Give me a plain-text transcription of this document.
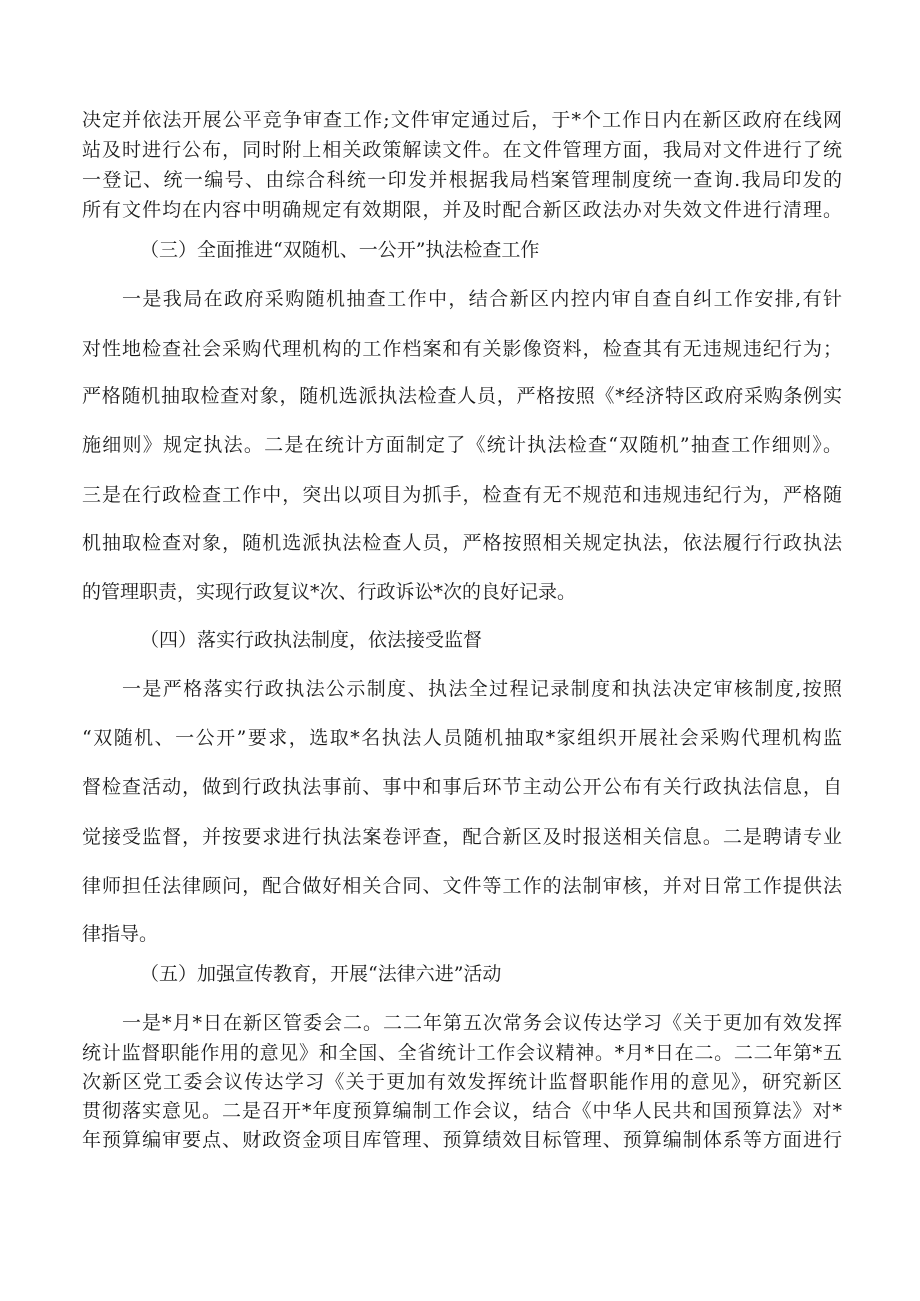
决定并依法开展公平竞争审查工作;文件审定通过后，于*个工作日内在新区政府在线网
站及时进行公布，同时附上相关政策解读文件。在文件管理方面，我局对文件进行了统
一登记、统一编号、由综合科统一印发并根据我局档案管理制度统一查询.我局印发的
所有文件均在内容中明确规定有效期限，并及时配合新区政法办对失效文件进行清理。
（三）全面推进“双随机、一公开”执法检查工作
一是我局在政府采购随机抽查工作中，结合新区内控内审自查自纠工作安排,有针
对性地检查社会采购代理机构的工作档案和有关影像资料，检查其有无违规违纪行为；
严格随机抽取检查对象，随机选派执法检查人员，严格按照《*经济特区政府采购条例实
施细则》规定执法。二是在统计方面制定了《统计执法检查“双随机”抽查工作细则》。
三是在行政检查工作中，突出以项目为抓手，检查有无不规范和违规违纪行为，严格随
机抽取检查对象，随机选派执法检查人员，严格按照相关规定执法，依法履行行政执法
的管理职责，实现行政复议*次、行政诉讼*次的良好记录。
（四）落实行政执法制度，依法接受监督
一是严格落实行政执法公示制度、执法全过程记录制度和执法决定审核制度,按照
“双随机、一公开”要求，选取*名执法人员随机抽取*家组织开展社会采购代理机构监
督检查活动，做到行政执法事前、事中和事后环节主动公开公布有关行政执法信息，自
觉接受监督，并按要求进行执法案卷评查，配合新区及时报送相关信息。二是聘请专业
律师担任法律顾问，配合做好相关合同、文件等工作的法制审核，并对日常工作提供法
律指导。
（五）加强宣传教育，开展“法律六进”活动
一是*月*日在新区管委会二。二二年第五次常务会议传达学习《关于更加有效发挥
统计监督职能作用的意见》和全国、全省统计工作会议精神。*月*日在二。二二年第*五
次新区党工委会议传达学习《关于更加有效发挥统计监督职能作用的意见》，研究新区
贯彻落实意见。二是召开*年度预算编制工作会议，结合《中华人民共和国预算法》对*
年预算编审要点、财政资金项目库管理、预算绩效目标管理、预算编制体系等方面进行
